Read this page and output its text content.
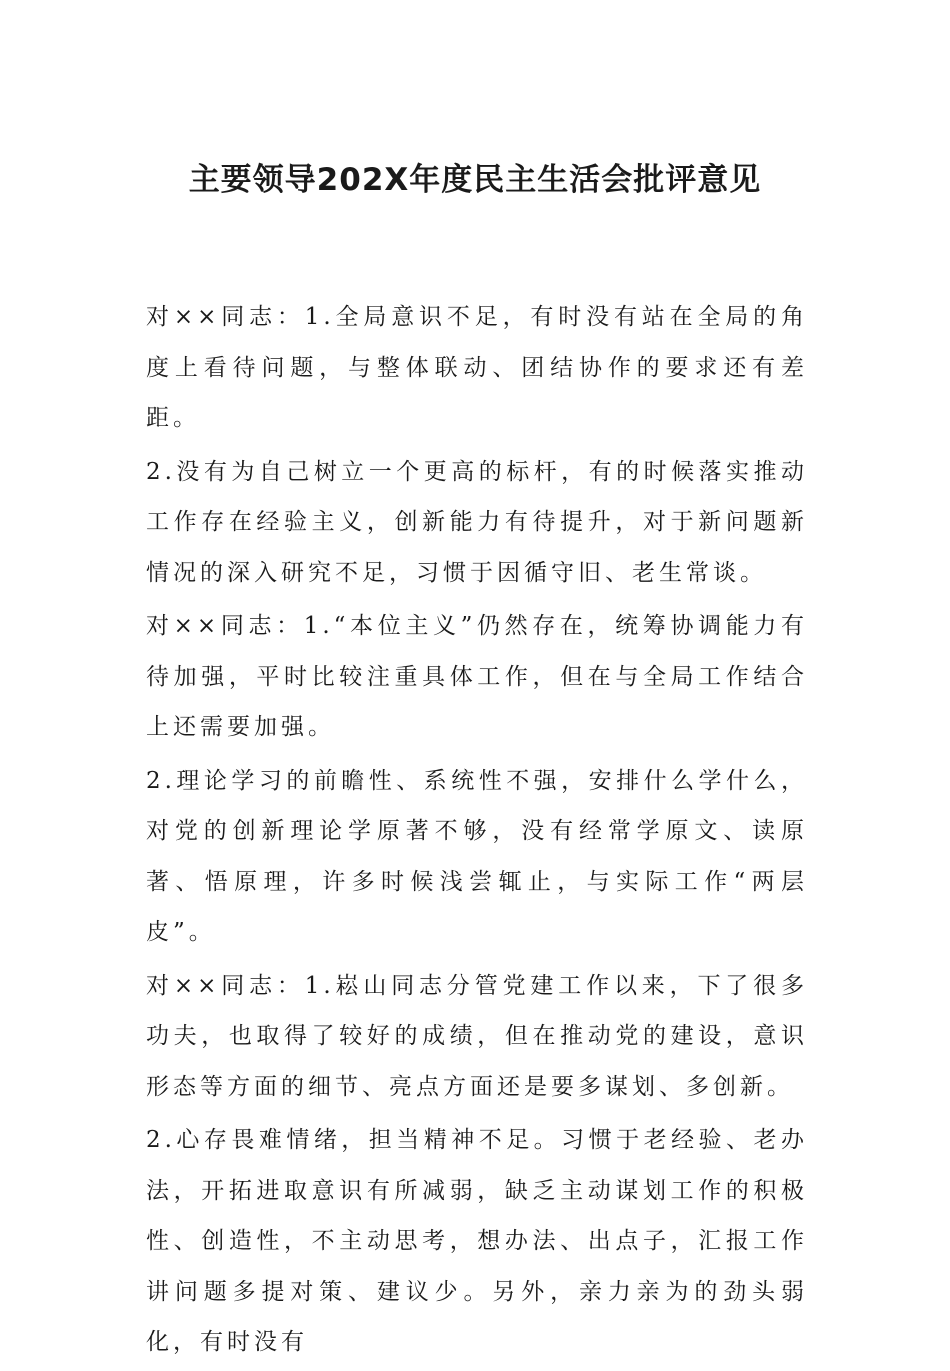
主要领导202X年度民主生活会批评意见

对××同志：1.全局意识不足，有时没有站在全局的角度上看待问题，与整体联动、团结协作的要求还有差距。

2.没有为自己树立一个更高的标杆，有的时候落实推动工作存在经验主义，创新能力有待提升，对于新问题新情况的深入研究不足，习惯于因循守旧、老生常谈。

对××同志：1.“本位主义”仍然存在，统筹协调能力有待加强，平时比较注重具体工作，但在与全局工作结合上还需要加强。

2.理论学习的前瞻性、系统性不强，安排什么学什么，对党的创新理论学原著不够，没有经常学原文、读原著、悟原理，许多时候浅尝辄止，与实际工作“两层皮”。

对××同志：1.崧山同志分管党建工作以来，下了很多功夫，也取得了较好的成绩，但在推动党的建设，意识形态等方面的细节、亮点方面还是要多谋划、多创新。

2.心存畏难情绪，担当精神不足。习惯于老经验、老办法，开拓进取意识有所减弱，缺乏主动谋划工作的积极性、创造性，不主动思考，想办法、出点子，汇报工作讲问题多提对策、建议少。另外，亲力亲为的劲头弱化，有时没有
